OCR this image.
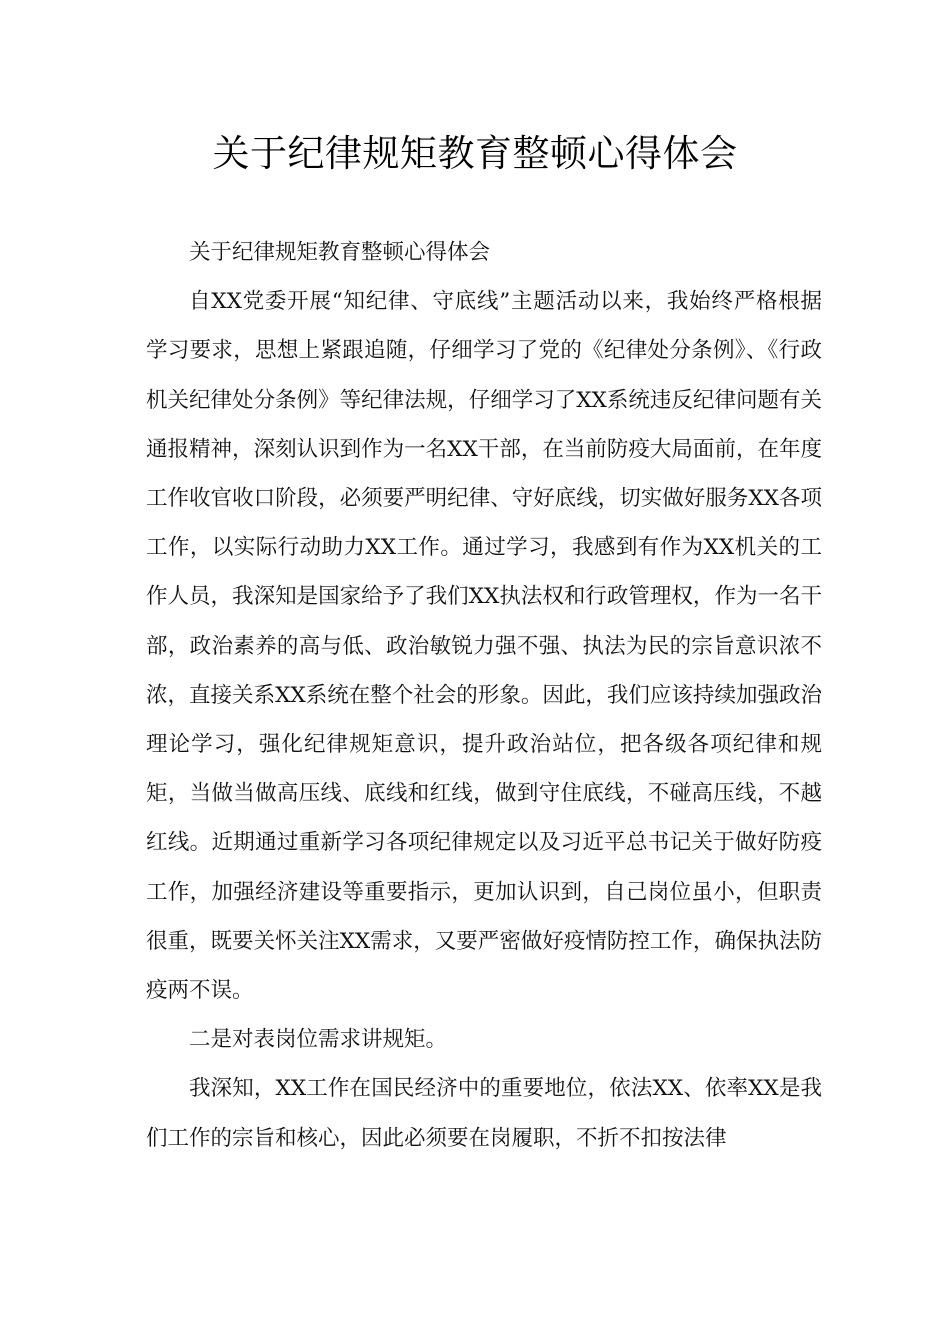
关于纪律规矩教育整顿心得体会

关于纪律规矩教育整顿心得体会

自XX党委开展“知纪律、守底线”主题活动以来，我始终严格根据学习要求，思想上紧跟追随，仔细学习了党的《纪律处分条例》、《行政机关纪律处分条例》等纪律法规，仔细学习了XX系统违反纪律问题有关通报精神，深刻认识到作为一名XX干部，在当前防疫大局面前，在年度工作收官收口阶段，必须要严明纪律、守好底线，切实做好服务XX各项工作，以实际行动助力XX工作。通过学习，我感到有作为XX机关的工作人员，我深知是国家给予了我们XX执法权和行政管理权，作为一名干部，政治素养的高与低、政治敏锐力强不强、执法为民的宗旨意识浓不浓，直接关系XX系统在整个社会的形象。因此，我们应该持续加强政治理论学习，强化纪律规矩意识，提升政治站位，把各级各项纪律和规矩，当做当做高压线、底线和红线，做到守住底线，不碰高压线，不越红线。近期通过重新学习各项纪律规定以及习近平总书记关于做好防疫工作，加强经济建设等重要指示，更加认识到，自己岗位虽小，但职责很重，既要关怀关注XX需求，又要严密做好疫情防控工作，确保执法防疫两不误。

二是对表岗位需求讲规矩。

我深知，XX工作在国民经济中的重要地位，依法XX、依率XX是我们工作的宗旨和核心，因此必须要在岗履职，不折不扣按法律
